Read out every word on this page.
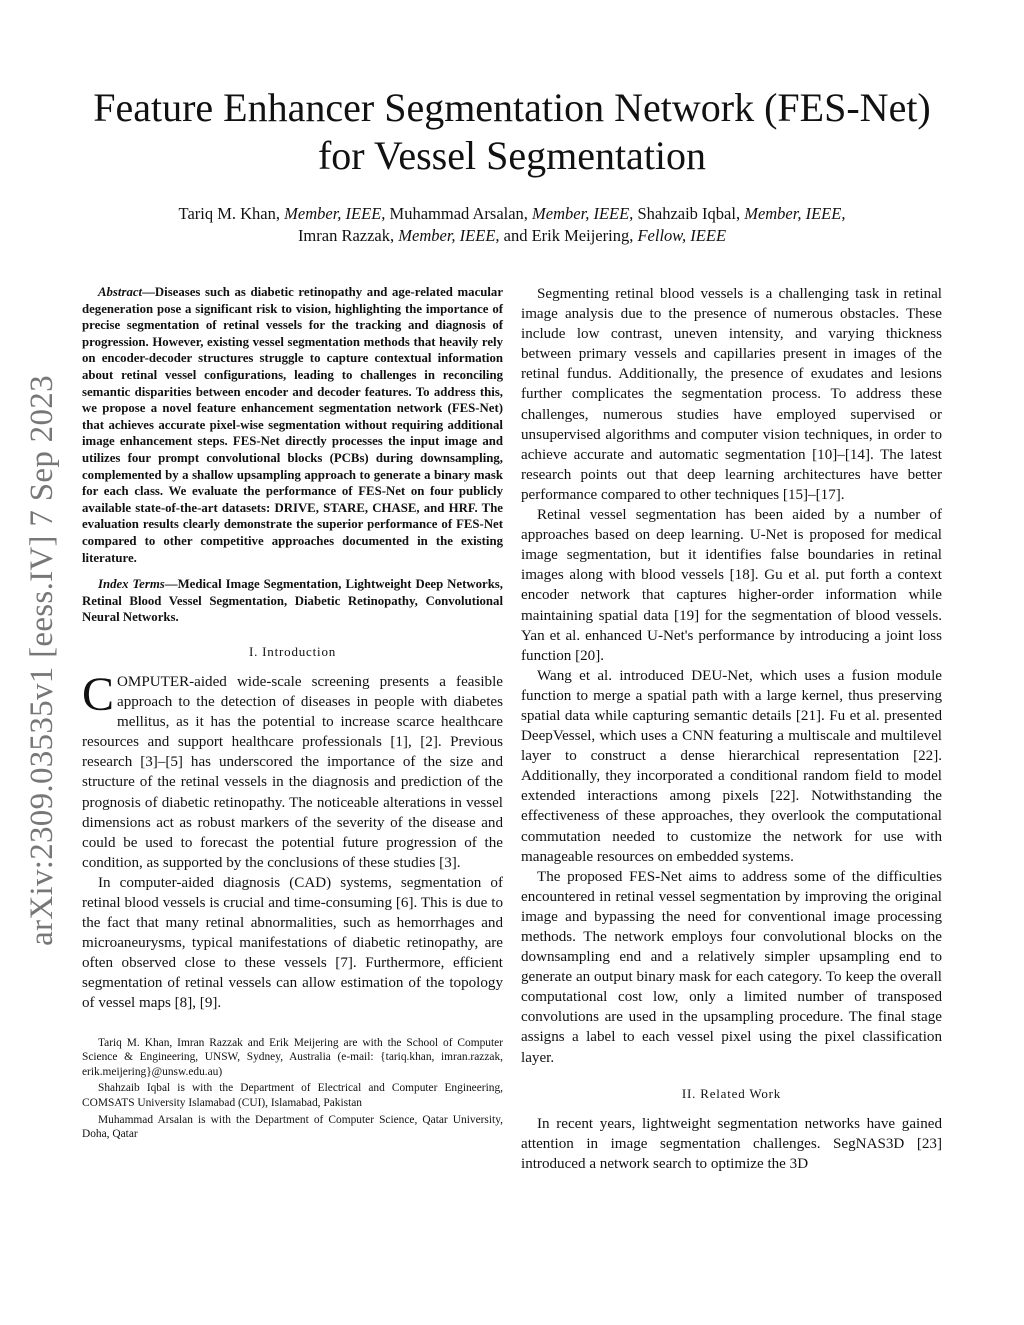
arXiv:2309.03535v1 [eess.IV] 7 Sep 2023
Feature Enhancer Segmentation Network (FES-Net)
for Vessel Segmentation

Tariq M. Khan, Member, IEEE, Muhammad Arsalan, Member, IEEE, Shahzaib Iqbal, Member, IEEE,
Imran Razzak, Member, IEEE, and Erik Meijering, Fellow, IEEE

Abstract—Diseases such as diabetic retinopathy and age-related macular degeneration pose a significant risk to vision, highlighting the importance of precise segmentation of retinal vessels for the tracking and diagnosis of progression. However, existing vessel segmentation methods that heavily rely on encoder-decoder structures struggle to capture contextual information about retinal vessel configurations, leading to challenges in reconciling semantic disparities between encoder and decoder features. To address this, we propose a novel feature enhancement segmentation network (FES-Net) that achieves accurate pixel-wise segmentation without requiring additional image enhancement steps. FES-Net directly processes the input image and utilizes four prompt convolutional blocks (PCBs) during downsampling, complemented by a shallow upsampling approach to generate a binary mask for each class. We evaluate the performance of FES-Net on four publicly available state-of-the-art datasets: DRIVE, STARE, CHASE, and HRF. The evaluation results clearly demonstrate the superior performance of FES-Net compared to other competitive approaches documented in the existing literature.

Index Terms—Medical Image Segmentation, Lightweight Deep Networks, Retinal Blood Vessel Segmentation, Diabetic Retinopathy, Convolutional Neural Networks.

I. Introduction

COMPUTER-aided wide-scale screening presents a feasible approach to the detection of diseases in people with diabetes mellitus, as it has the potential to increase scarce healthcare resources and support healthcare professionals [1], [2]. Previous research [3]–[5] has underscored the importance of the size and structure of the retinal vessels in the diagnosis and prediction of the prognosis of diabetic retinopathy. The noticeable alterations in vessel dimensions act as robust markers of the severity of the disease and could be used to forecast the potential future progression of the condition, as supported by the conclusions of these studies [3].

In computer-aided diagnosis (CAD) systems, segmentation of retinal blood vessels is crucial and time-consuming [6]. This is due to the fact that many retinal abnormalities, such as hemorrhages and microaneurysms, typical manifestations of diabetic retinopathy, are often observed close to these vessels [7]. Furthermore, efficient segmentation of retinal vessels can allow estimation of the topology of vessel maps [8], [9].

Tariq M. Khan, Imran Razzak and Erik Meijering are with the School of Computer Science & Engineering, UNSW, Sydney, Australia (e-mail: {tariq.khan, imran.razzak, erik.meijering}@unsw.edu.au)

Shahzaib Iqbal is with the Department of Electrical and Computer Engineering, COMSATS University Islamabad (CUI), Islamabad, Pakistan

Muhammad Arsalan is with the Department of Computer Science, Qatar University, Doha, Qatar

Segmenting retinal blood vessels is a challenging task in retinal image analysis due to the presence of numerous obstacles. These include low contrast, uneven intensity, and varying thickness between primary vessels and capillaries present in images of the retinal fundus. Additionally, the presence of exudates and lesions further complicates the segmentation process. To address these challenges, numerous studies have employed supervised or unsupervised algorithms and computer vision techniques, in order to achieve accurate and automatic segmentation [10]–[14]. The latest research points out that deep learning architectures have better performance compared to other techniques [15]–[17].

Retinal vessel segmentation has been aided by a number of approaches based on deep learning. U-Net is proposed for medical image segmentation, but it identifies false boundaries in retinal images along with blood vessels [18]. Gu et al. put forth a context encoder network that captures higher-order information while maintaining spatial data [19] for the segmentation of blood vessels. Yan et al. enhanced U-Net's performance by introducing a joint loss function [20].

Wang et al. introduced DEU-Net, which uses a fusion module function to merge a spatial path with a large kernel, thus preserving spatial data while capturing semantic details [21]. Fu et al. presented DeepVessel, which uses a CNN featuring a multiscale and multilevel layer to construct a dense hierarchical representation [22]. Additionally, they incorporated a conditional random field to model extended interactions among pixels [22]. Notwithstanding the effectiveness of these approaches, they overlook the computational commutation needed to customize the network for use with manageable resources on embedded systems.

The proposed FES-Net aims to address some of the difficulties encountered in retinal vessel segmentation by improving the original image and bypassing the need for conventional image processing methods. The network employs four convolutional blocks on the downsampling end and a relatively simpler upsampling end to generate an output binary mask for each category. To keep the overall computational cost low, only a limited number of transposed convolutions are used in the upsampling procedure. The final stage assigns a label to each vessel pixel using the pixel classification layer.

II. Related Work

In recent years, lightweight segmentation networks have gained attention in image segmentation challenges. SegNAS3D [23] introduced a network search to optimize the 3D
